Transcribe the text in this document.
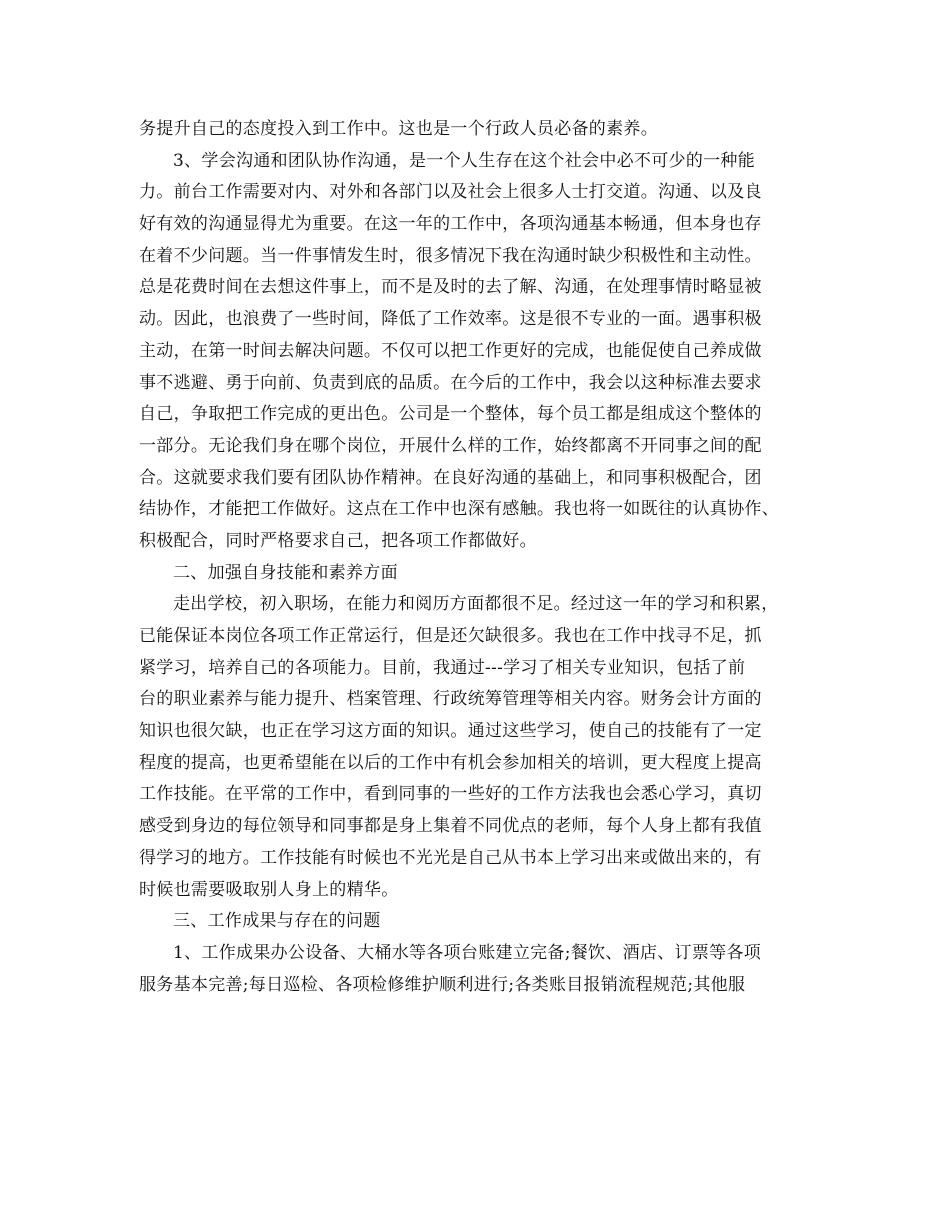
务提升自己的态度投入到工作中。这也是一个行政人员必备的素养。
3、学会沟通和团队协作沟通，是一个人生存在这个社会中必不可少的一种能
力。前台工作需要对内、对外和各部门以及社会上很多人士打交道。沟通、以及良
好有效的沟通显得尤为重要。在这一年的工作中，各项沟通基本畅通，但本身也存
在着不少问题。当一件事情发生时，很多情况下我在沟通时缺少积极性和主动性。
总是花费时间在去想这件事上，而不是及时的去了解、沟通，在处理事情时略显被
动。因此，也浪费了一些时间，降低了工作效率。这是很不专业的一面。遇事积极
主动，在第一时间去解决问题。不仅可以把工作更好的完成，也能促使自己养成做
事不逃避、勇于向前、负责到底的品质。在今后的工作中，我会以这种标准去要求
自己，争取把工作完成的更出色。公司是一个整体，每个员工都是组成这个整体的
一部分。无论我们身在哪个岗位，开展什么样的工作，始终都离不开同事之间的配
合。这就要求我们要有团队协作精神。在良好沟通的基础上，和同事积极配合，团
结协作，才能把工作做好。这点在工作中也深有感触。我也将一如既往的认真协作、
积极配合，同时严格要求自己，把各项工作都做好。
二、加强自身技能和素养方面
走出学校，初入职场，在能力和阅历方面都很不足。经过这一年的学习和积累，
已能保证本岗位各项工作正常运行，但是还欠缺很多。我也在工作中找寻不足，抓
紧学习，培养自己的各项能力。目前，我通过---学习了相关专业知识，包括了前
台的职业素养与能力提升、档案管理、行政统筹管理等相关内容。财务会计方面的
知识也很欠缺，也正在学习这方面的知识。通过这些学习，使自己的技能有了一定
程度的提高，也更希望能在以后的工作中有机会参加相关的培训，更大程度上提高
工作技能。在平常的工作中，看到同事的一些好的工作方法我也会悉心学习，真切
感受到身边的每位领导和同事都是身上集着不同优点的老师，每个人身上都有我值
得学习的地方。工作技能有时候也不光光是自己从书本上学习出来或做出来的，有
时候也需要吸取别人身上的精华。
三、工作成果与存在的问题
1、工作成果办公设备、大桶水等各项台账建立完备;餐饮、酒店、订票等各项
服务基本完善;每日巡检、各项检修维护顺利进行;各类账目报销流程规范;其他服
